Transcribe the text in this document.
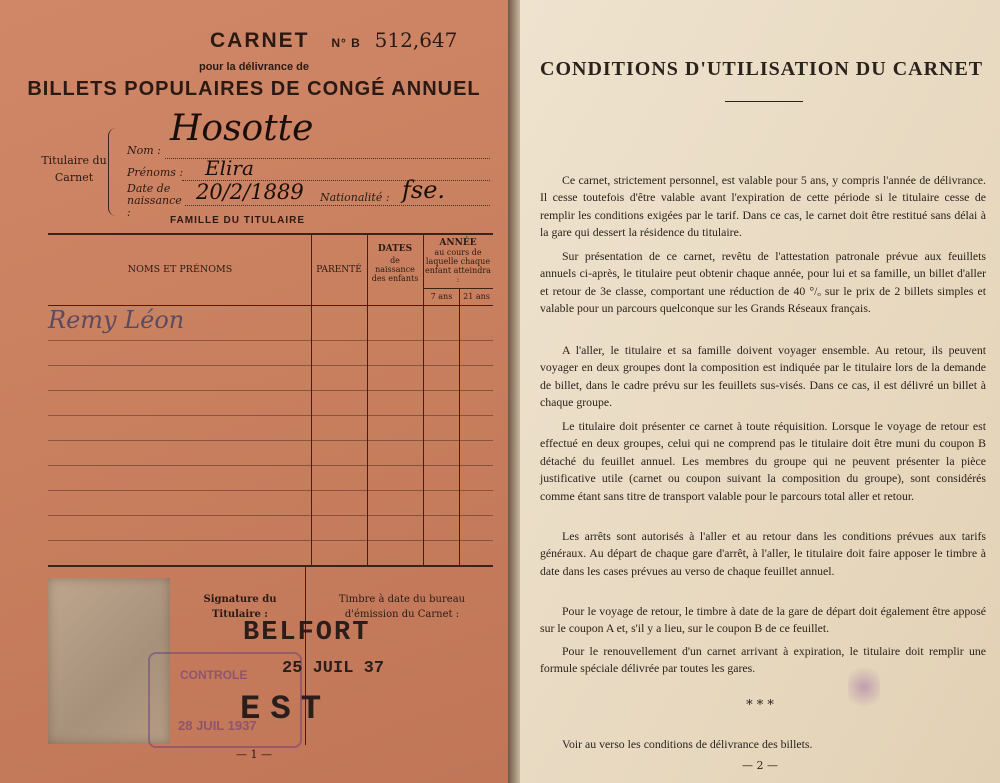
CARNET N° B 512,647
pour la délivrance de
BILLETS POPULAIRES DE CONGÉ ANNUEL
Titulaire du Carnet
Nom :
Hosotte
Prénoms : Elira
Date de naissance :
20/2/1889 Nationalité : fse.
FAMILLE DU TITULAIRE
NOMS ET PRÉNOMS	PARENTÉ
DATES
de naissance des enfants
ANNÉE
au cours de laquelle chaque enfant atteindra :
7 ans	21 ans
Remy Léon
CONTROLE
28 JUIL 1937
Signature du Titulaire :
Timbre à date du bureau d'émission du Carnet :
BELFORT
25 JUIL 37
EST
— 1 —
CONDITIONS D'UTILISATION DU CARNET
Ce carnet, strictement personnel, est valable pour 5 ans, y compris l'année de délivrance. Il cesse toutefois d'être valable avant l'expiration de cette période si le titulaire cesse de remplir les conditions exigées par le tarif. Dans ce cas, le carnet doit être restitué sans délai à la gare qui dessert la résidence du titulaire.
Sur présentation de ce carnet, revêtu de l'attestation patronale prévue aux feuillets annuels ci-après, le titulaire peut obtenir chaque année, pour lui et sa famille, un billet d'aller et retour de 3e classe, comportant une réduction de 40 °/ₒ sur le prix de 2 billets simples et valable pour un parcours quelconque sur les Grands Réseaux français.
A l'aller, le titulaire et sa famille doivent voyager ensemble. Au retour, ils peuvent voyager en deux groupes dont la composition est indiquée par le titulaire lors de la demande de billet, dans le cadre prévu sur les feuillets sus-visés. Dans ce cas, il est délivré un billet à chaque groupe.
Le titulaire doit présenter ce carnet à toute réquisition. Lorsque le voyage de retour est effectué en deux groupes, celui qui ne comprend pas le titulaire doit être muni du coupon B détaché du feuillet annuel. Les membres du groupe qui ne peuvent présenter la pièce justificative utile (carnet ou coupon suivant la composition du groupe), sont considérés comme étant sans titre de transport valable pour le parcours total aller et retour.
Les arrêts sont autorisés à l'aller et au retour dans les conditions prévues aux tarifs généraux. Au départ de chaque gare d'arrêt, à l'aller, le titulaire doit faire apposer le timbre à date dans les cases prévues au verso de chaque feuillet annuel.
Pour le voyage de retour, le timbre à date de la gare de départ doit également être apposé sur le coupon A et, s'il y a lieu, sur le coupon B de ce feuillet.
Pour le renouvellement d'un carnet arrivant à expiration, le titulaire doit remplir une formule spéciale délivrée par toutes les gares.
* * *
Voir au verso les conditions de délivrance des billets.
— 2 —
